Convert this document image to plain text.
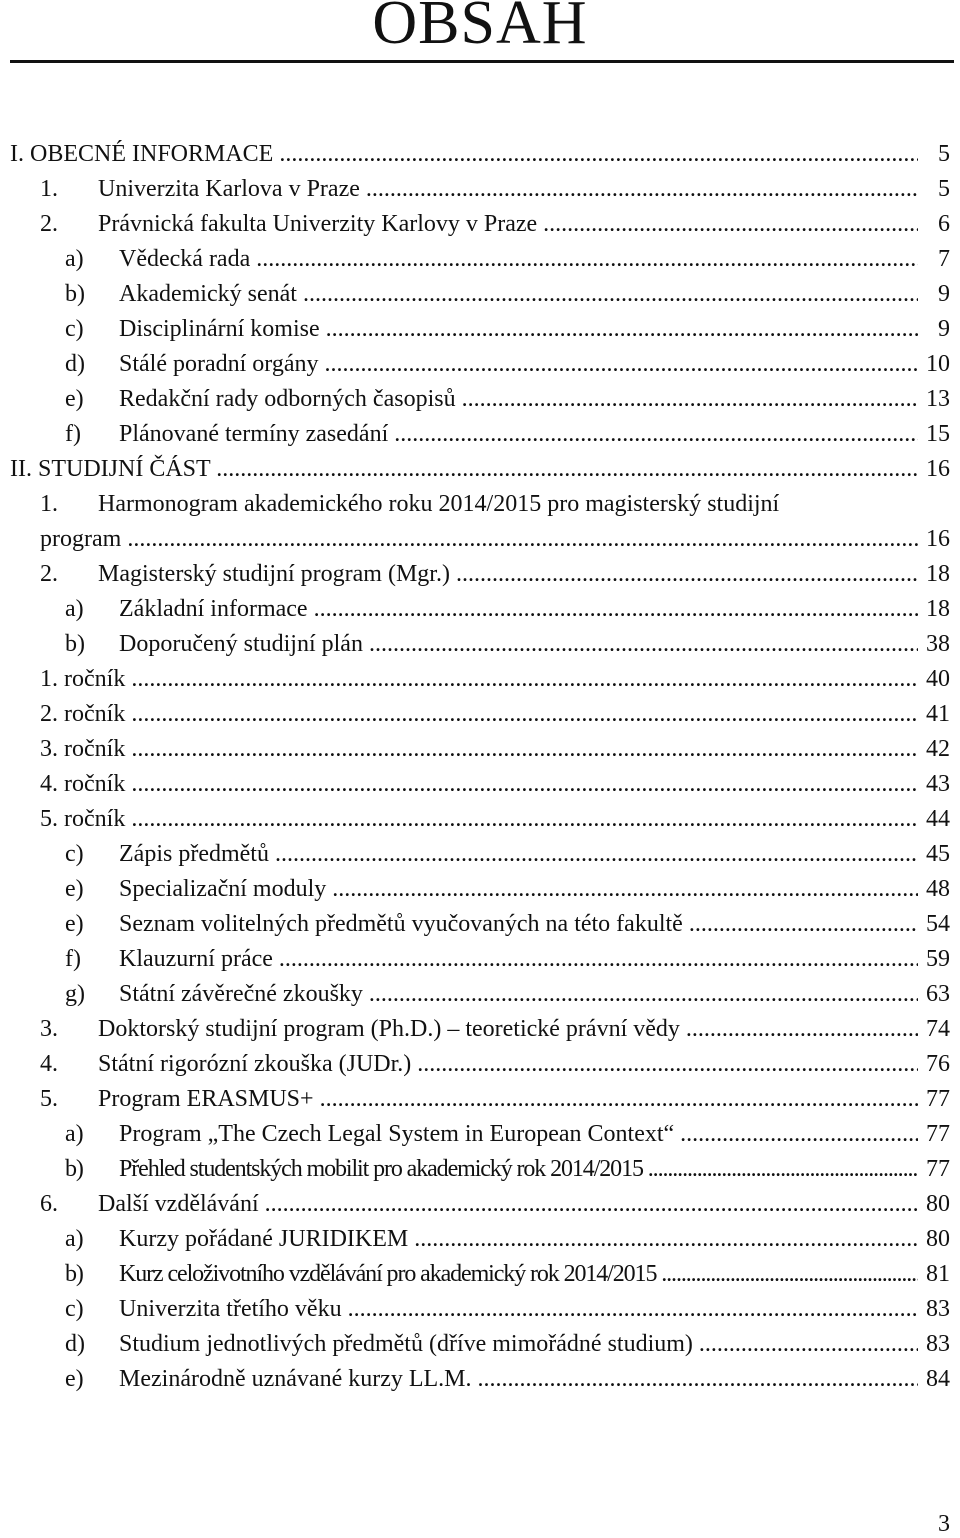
OBSAH
I. OBECNÉ INFORMACE .....	5
1. Univerzita Karlova v Praze .....	5
2. Právnická fakulta Univerzity Karlovy v Praze .....	6
a) Vědecká rada .....	7
b) Akademický senát .....	9
c) Disciplinární komise .....	9
d) Stálé poradní orgány .....	10
e) Redakční rady odborných časopisů .....	13
f) Plánované termíny zasedání .....	15
II. STUDIJNÍ ČÁST .....	16
1. Harmonogram akademického roku 2014/2015 pro magisterský studijní
program .....	16
2. Magisterský studijní program (Mgr.) .....	18
a) Základní informace .....	18
b) Doporučený studijní plán .....	38
1. ročník .....	40
2. ročník .....	41
3. ročník .....	42
4. ročník .....	43
5. ročník .....	44
c) Zápis předmětů .....	45
e) Specializační moduly .....	48
e) Seznam volitelných předmětů vyučovaných na této fakultě .....	54
f) Klauzurní práce .....	59
g) Státní závěrečné zkoušky .....	63
3. Doktorský studijní program (Ph.D.) – teoretické právní vědy .....	74
4. Státní rigorózní zkouška (JUDr.) .....	76
5. Program ERASMUS+ .....	77
a) Program „The Czech Legal System in European Context“ .....	77
b) Přehled studentských mobilit pro akademický rok 2014/2015 .....	77
6. Další vzdělávání .....	80
a) Kurzy pořádané JURIDIKEM .....	80
b) Kurz celoživotního vzdělávání pro akademický rok 2014/2015 .....	81
c) Univerzita třetího věku .....	83
d) Studium jednotlivých předmětů (dříve mimořádné studium) .....	83
e) Mezinárodně uznávané kurzy LL.M. .....	84
3
